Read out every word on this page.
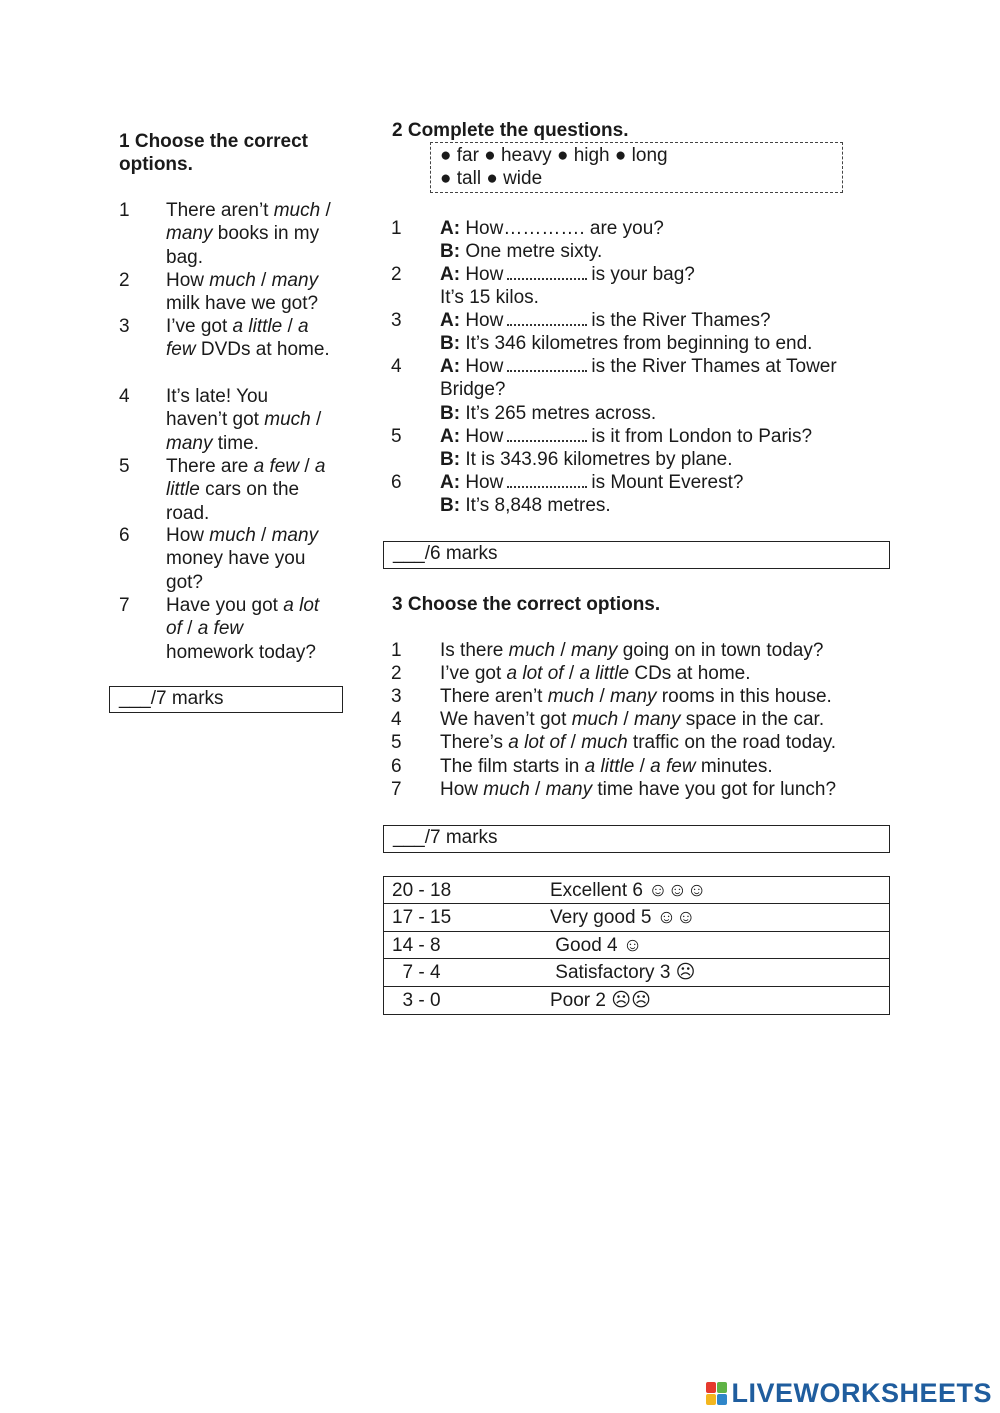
1 Choose the correct options.
1	There aren’t much / many books in my bag.
2	How much / many milk have we got?
3	I’ve got a little / a few DVDs at home.
4	It’s late! You haven’t got much / many time.
5	There are a few / a little cars on the road.
6	How much / many money have you got?
7	Have you got a lot of / a few homework today?
___/7 marks
2 Complete the questions.
● far ● heavy ● high ● long
● tall ● wide
1	A: How…………. are you?
B: One metre sixty.
2	A: How	is your bag?
It’s 15 kilos.
3	A: How	is the River Thames?
B: It’s 346 kilometres from beginning to end.
4	A: How	is the River Thames at Tower
Bridge?
B: It’s 265 metres across.
5	A: How	is it from London to Paris?
B: It is 343.96 kilometres by plane.
6	A: How	is Mount Everest?
B: It’s 8,848 metres.
___/6 marks
3 Choose the correct options.
1	Is there much / many going on in town today?
2	I’ve got a lot of / a little CDs at home.
3	There aren’t much / many rooms in this house.
4	We haven’t got much / many space in the car.
5	There’s a lot of / much traffic on the road today.
6	The film starts in a little / a few minutes.
7	How much / many time have you got for lunch?
___/7 marks
20 - 18	Excellent 6 ☺☺☺
17 - 15	Very good 5 ☺☺
14 - 8	Good 4 ☺
7 - 4	Satisfactory 3 ☹
3 - 0	Poor 2 ☹☹
LIVEWORKSHEETS
